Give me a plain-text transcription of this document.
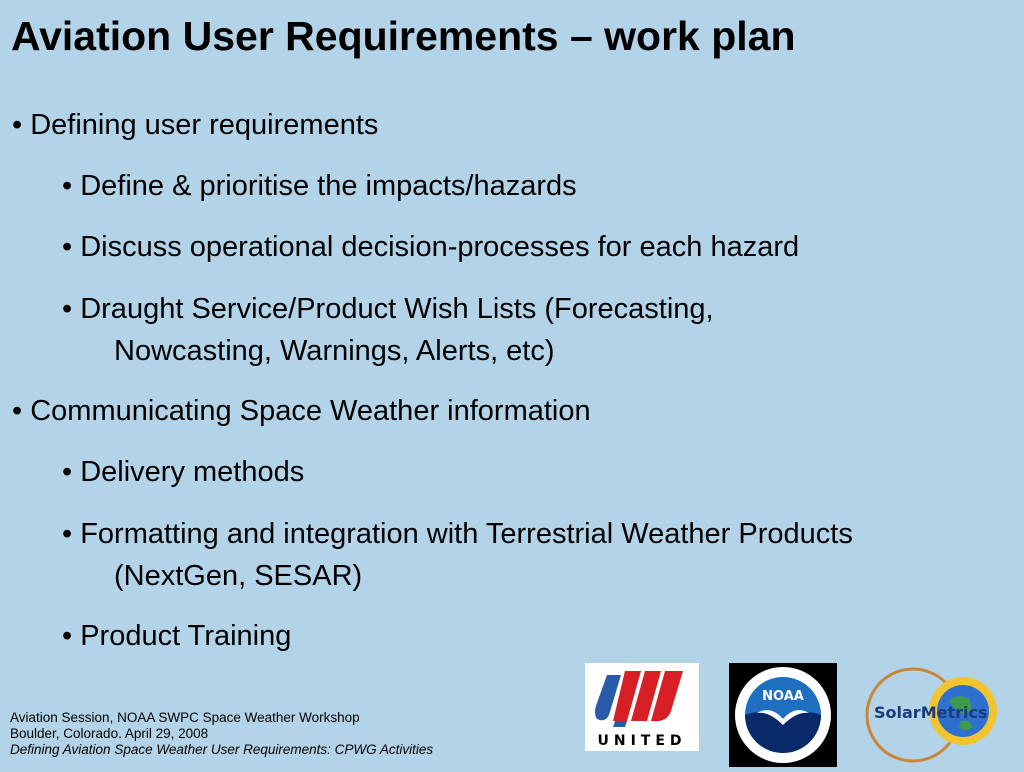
Aviation User Requirements – work plan
• Defining user requirements
• Define & prioritise the impacts/hazards
• Discuss operational decision-processes for each hazard
• Draught Service/Product Wish Lists (Forecasting,
Nowcasting, Warnings, Alerts, etc)
• Communicating Space Weather information
• Delivery methods
• Formatting and integration with Terrestrial Weather Products
(NextGen, SESAR)
• Product Training
Aviation Session, NOAA SWPC Space Weather Workshop
Boulder, Colorado. April 29, 2008
Defining Aviation Space Weather User Requirements: CPWG Activities
UNITED
NOAA
SolarMetrics
